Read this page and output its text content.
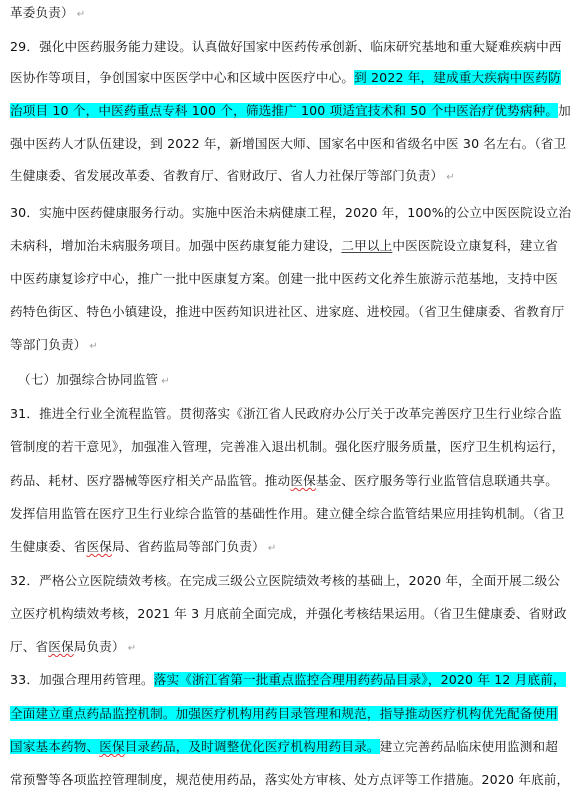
革委负责） ↵
29．强化中医药服务能力建设。认真做好国家中医药传承创新、临床研究基地和重大疑难疾病中西
医协作等项目，争创国家中医医学中心和区域中医医疗中心。到 2022 年，建成重大疾病中医药防
治项目 10 个，中医药重点专科 100 个，筛选推广 100 项适宜技术和 50 个中医治疗优势病种。加
强中医药人才队伍建设，到 2022 年，新增国医大师、国家名中医和省级名中医 30 名左右。（省卫
生健康委、省发展改革委、省教育厅、省财政厅、省人力社保厅等部门负责） ↵
30．实施中医药健康服务行动。实施中医治未病健康工程，2020 年，100%的公立中医医院设立治
未病科，增加治未病服务项目。加强中医药康复能力建设，二甲以上中医医院设立康复科，建立省
中医药康复诊疗中心，推广一批中医康复方案。创建一批中医药文化养生旅游示范基地，支持中医
药特色街区、特色小镇建设，推进中医药知识进社区、进家庭、进校园。（省卫生健康委、省教育厅
等部门负责） ↵
（七）加强综合协同监管 ↵
31．推进全行业全流程监管。贯彻落实《浙江省人民政府办公厅关于改革完善医疗卫生行业综合监
管制度的若干意见》，加强准入管理，完善准入退出机制。强化医疗服务质量，医疗卫生机构运行，
药品、耗材、医疗器械等医疗相关产品监管。推动医保基金、医疗服务等行业监管信息联通共享。
发挥信用监管在医疗卫生行业综合监管的基础性作用。建立健全综合监管结果应用挂钩机制。（省卫
生健康委、省医保局、省药监局等部门负责） ↵
32．严格公立医院绩效考核。在完成三级公立医院绩效考核的基础上，2020 年，全面开展二级公
立医疗机构绩效考核，2021 年 3 月底前全面完成，并强化考核结果运用。（省卫生健康委、省财政
厅、省医保局负责） ↵
33．加强合理用药管理。落实《浙江省第一批重点监控合理用药药品目录》，2020 年 12 月底前，
全面建立重点药品监控机制。加强医疗机构用药目录管理和规范，指导推动医疗机构优先配备使用
国家基本药物、医保目录药品，及时调整优化医疗机构用药目录。建立完善药品临床使用监测和超
常预警等各项监控管理制度，规范使用药品，落实处方审核、处方点评等工作措施。2020 年底前，
